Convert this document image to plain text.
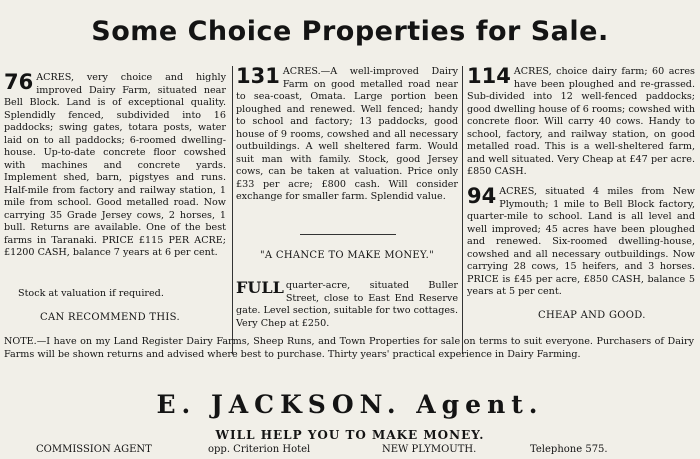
Some Choice Properties for Sale.
76 ACRES, very choice and highly improved Dairy Farm, situated near Bell Block. Land is of exceptional quality. Splendidly fenced, subdivided into 16 paddocks; swing gates, totara posts, water laid on to all paddocks; 6-roomed dwelling-house. Up-to-date concrete floor cowshed with machines and concrete yards. Implement shed, barn, pigstyes and runs. Half-mile from factory and railway station, 1 mile from school. Good metalled road. Now carrying 35 Grade Jersey cows, 2 horses, 1 bull. Returns are available. One of the best farms in Taranaki. PRICE £115 PER ACRE; £1200 CASH, balance 7 years at 6 per cent.
Stock at valuation if required.
CAN RECOMMEND THIS.
131 ACRES.—A well-improved Dairy Farm on good metalled road near to sea-coast, Omata. Large portion been ploughed and renewed. Well fenced; handy to school and factory; 13 paddocks, good house of 9 rooms, cowshed and all necessary outbuildings. A well sheltered farm. Would suit man with family. Stock, good Jersey cows, can be taken at valuation. Price only £33 per acre; £800 cash. Will consider exchange for smaller farm. Splendid value.
"A CHANCE TO MAKE MONEY."
FULL quarter-acre, situated Buller Street, close to East End Reserve gate. Level section, suitable for two cottages. Very Chep at £250.
114 ACRES, choice dairy farm; 60 acres have been ploughed and re-grassed. Sub-divided into 12 well-fenced paddocks; good dwelling house of 6 rooms; cowshed with concrete floor. Will carry 40 cows. Handy to school, factory, and railway station, on good metalled road. This is a well-sheltered farm, and well situated. Very Cheap at £47 per acre. £850 CASH.
94 ACRES, situated 4 miles from New Plymouth; 1 mile to Bell Block factory, quarter-mile to school. Land is all level and well improved; 45 acres have been ploughed and renewed. Six-roomed dwelling-house, cowshed and all necessary outbuildings. Now carrying 28 cows, 15 heifers, and 3 horses. PRICE is £45 per acre, £850 CASH, balance 5 years at 5 per cent.
CHEAP AND GOOD.
NOTE.—I have on my Land Register Dairy Farms, Sheep Runs, and Town Properties for sale on terms to suit everyone. Purchasers of Dairy Farms will be shown returns and advised where best to purchase. Thirty years' practical experience in Dairy Farming.
E. JACKSON. Agent.
WILL HELP YOU TO MAKE MONEY.
COMMISSION AGENT	opp. Criterion Hotel	NEW PLYMOUTH.	Telephone 575.
